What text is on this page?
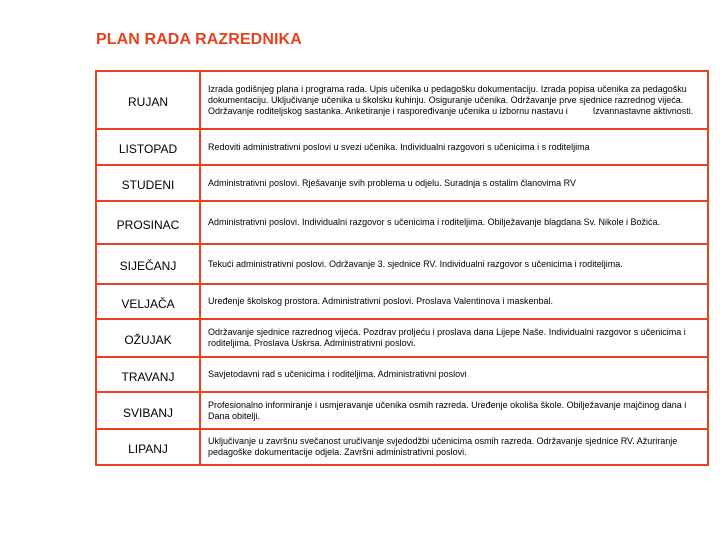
PLAN RADA RAZREDNIKA
RUJAN	Izrada godišnjeg plana i programa rada. Upis učenika u pedagošku dokumentaciju. Izrada popisa učenika za pedagošku dokumentaciju. Uključivanje učenika u školsku kuhinju. Osiguranje učenika. Održavanje prve sjednice razrednog vijeća. Održavanje roditeljskog sastanka. Anketiranje i raspoređivanje učenika u izbornu nastavu i          Izvannastavne aktivnosti.
LISTOPAD	Redoviti administrativni poslovi u svezi učenika. Individualni razgovori s učenicima i s roditeljima
STUDENI	Administrativni poslovi. Rješavanje svih problema u odjelu. Suradnja s ostalim članovima RV
PROSINAC	Administrativni poslovi. Individualni razgovor s učenicima i roditeljima. Obilježavanje blagdana Sv. Nikole i Božića.
SIJEČANJ	Tekući administrativni poslovi. Održavanje 3. sjednice RV. Individualni razgovor s učenicima i roditeljima.
VELJAČA	Uređenje školskog prostora. Administrativni poslovi. Proslava Valentinova i maskenbal.
OŽUJAK	Održavanje sjednice razrednog vijeća. Pozdrav proljeću i proslava dana Lijepe Naše. Individualni razgovor s učenicima i roditeljima. Proslava Uskrsa. Administrativni poslovi.
TRAVANJ	Savjetodavni rad s učenicima i roditeljima. Administrativni poslovi
SVIBANJ	Profesionalno informiranje i usmjeravanje učenika osmih razreda. Uređenje okoliša škole. Obilježavanje majčinog dana i Dana obitelji.
LIPANJ	Uključivanje u završnu svečanost uručivanje svjedodžbi učenicima osmih razreda. Održavanje sjednice RV. Ažuriranje pedagoške dokumentacije odjela. Završni administrativni poslovi.
